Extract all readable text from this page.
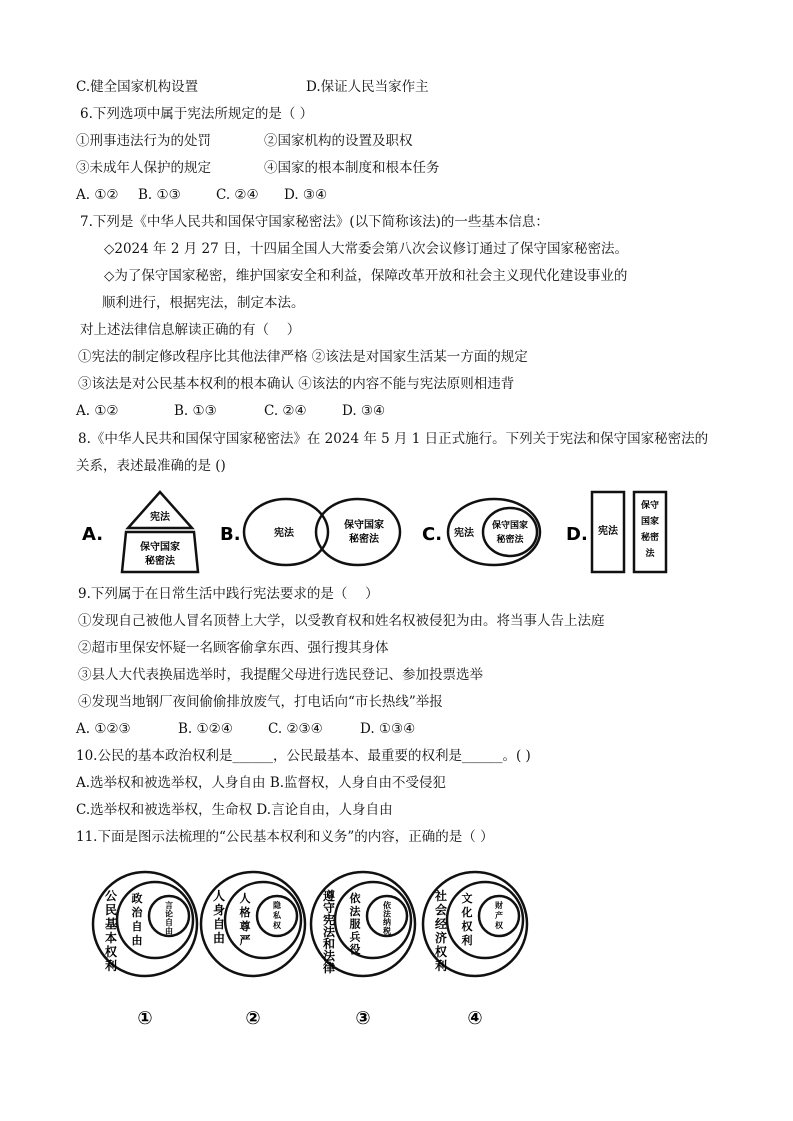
C.健全国家机构设置	D.保证人民当家作主
6.下列选项中属于宪法所规定的是（ ）
①刑事违法行为的处罚	②国家机构的设置及职权
③未成年人保护的规定	④国家的根本制度和根本任务
A. ①② B. ①③	C. ②④ D. ③④
7.下列是《中华人民共和国保守国家秘密法》(以下简称该法)的一些基本信息：
◇2024 年 2 月 27 日，十四届全国人大常委会第八次会议修订通过了保守国家秘密法。
◇为了保守国家秘密，维护国家安全和利益，保障改革开放和社会主义现代化建设事业的
顺利进行，根据宪法，制定本法。
对上述法律信息解读正确的有（　 ）
①宪法的制定修改程序比其他法律严格 ②该法是对国家生活某一方面的规定
③该法是对公民基本权利的根本确认 ④该法的内容不能与宪法原则相违背
A. ①②	B. ①③	C. ②④	D. ③④
8.《中华人民共和国保守国家秘密法》在 2024 年 5 月 1 日正式施行。下列关于宪法和保守国家秘密法的
关系，表述最准确的是 ()
A.
宪法
保守国家
秘密法
B.	宪法
保守国家
秘密法 C. 宪法
保守国家
秘密法 D. 宪法
保守
国家
秘密
法
9.下列属于在日常生活中践行宪法要求的是（　 ）
①发现自己被他人冒名顶替上大学，以受教育权和姓名权被侵犯为由。将当事人告上法庭
②超市里保安怀疑一名顾客偷拿东西、强行搜其身体
③县人大代表换届选举时，我提醒父母进行选民登记、参加投票选举
④发现当地钢厂夜间偷偷排放废气，打电话向“市长热线”举报
A. ①②③	B. ①②④	C. ②③④	D. ①③④
10.公民的基本政治权利是______，公民最基本、最重要的权利是______。( )
A.选举权和被选举权，人身自由 B.监督权，人身自由不受侵犯
C.选举权和被选举权，生命权 D.言论自由，人身自由
11.下面是图示法梳理的“公民基本权利和义务”的内容，正确的是（ ）
公
民
基
本
权
利
政
治
自
由
言
论
自
由
①
人
身
自
由
人
格
尊
严
隐
私
权
②
遵
守
宪
法
和
法
律
依
法
服
兵
役
依
法
纳
税
③
社
会
经
济
权
利
文
化
权
利
财
产
权
④
